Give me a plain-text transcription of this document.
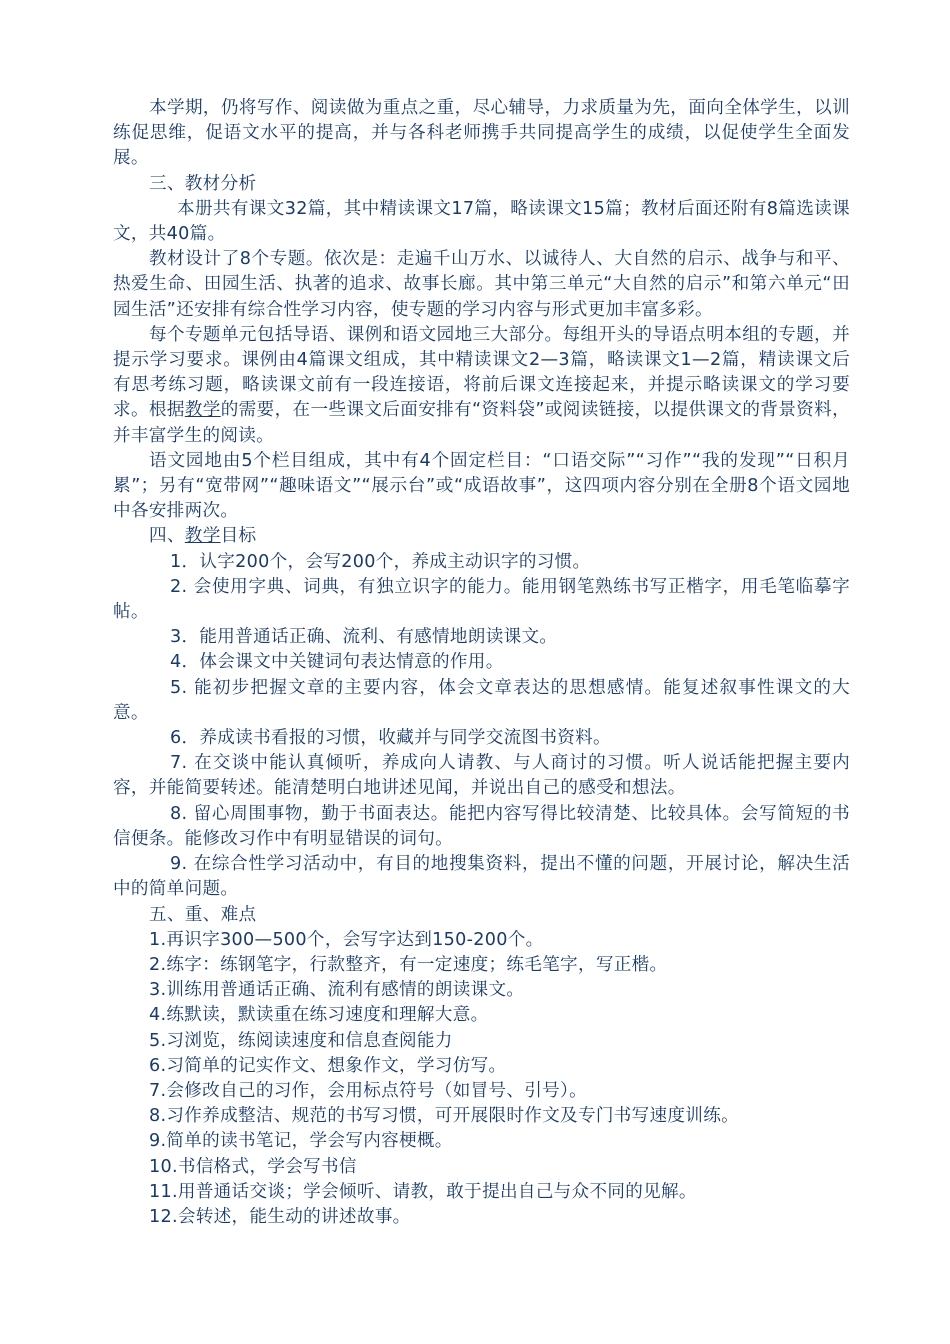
本学期，仍将写作、阅读做为重点之重，尽心辅导，力求质量为先，面向全体学生，以训练促思维，促语文水平的提高，并与各科老师携手共同提高学生的成绩，以促使学生全面发展。

三、教材分析

本册共有课文32篇，其中精读课文17篇，略读课文15篇；教材后面还附有8篇选读课文，共40篇。

教材设计了8个专题。依次是：走遍千山万水、以诚待人、大自然的启示、战争与和平、热爱生命、田园生活、执著的追求、故事长廊。其中第三单元“大自然的启示”和第六单元“田园生活”还安排有综合性学习内容，使专题的学习内容与形式更加丰富多彩。

每个专题单元包括导语、课例和语文园地三大部分。每组开头的导语点明本组的专题，并提示学习要求。课例由4篇课文组成，其中精读课文2—3篇，略读课文1—2篇，精读课文后有思考练习题，略读课文前有一段连接语，将前后课文连接起来，并提示略读课文的学习要求。根据教学的需要，在一些课文后面安排有“资料袋”或阅读链接，以提供课文的背景资料，并丰富学生的阅读。

语文园地由5个栏目组成，其中有4个固定栏目：“口语交际”“习作”“我的发现”“日积月累”；另有“宽带网”“趣味语文”“展示台”或“成语故事”，这四项内容分别在全册8个语文园地中各安排两次。

四、教学目标

1．认字200个，会写200个，养成主动识字的习惯。

2. 会使用字典、词典，有独立识字的能力。能用钢笔熟练书写正楷字，用毛笔临摹字帖。

3．能用普通话正确、流利、有感情地朗读课文。

4．体会课文中关键词句表达情意的作用。

5. 能初步把握文章的主要内容，体会文章表达的思想感情。能复述叙事性课文的大意。

6．养成读书看报的习惯，收藏并与同学交流图书资料。

7. 在交谈中能认真倾听，养成向人请教、与人商讨的习惯。听人说话能把握主要内容，并能简要转述。能清楚明白地讲述见闻，并说出自己的感受和想法。

8. 留心周围事物，勤于书面表达。能把内容写得比较清楚、比较具体。会写简短的书信便条。能修改习作中有明显错误的词句。

9. 在综合性学习活动中，有目的地搜集资料，提出不懂的问题，开展讨论，解决生活中的简单问题。

五、重、难点

1.再识字300—500个，会写字达到150-200个。

2.练字：练钢笔字，行款整齐，有一定速度；练毛笔字，写正楷。

3.训练用普通话正确、流利有感情的朗读课文。

4.练默读，默读重在练习速度和理解大意。

5.习浏览，练阅读速度和信息查阅能力

6.习简单的记实作文、想象作文，学习仿写。

7.会修改自己的习作，会用标点符号（如冒号、引号）。

8.习作养成整洁、规范的书写习惯，可开展限时作文及专门书写速度训练。

9.简单的读书笔记，学会写内容梗概。

10.书信格式，学会写书信

11.用普通话交谈；学会倾听、请教，敢于提出自己与众不同的见解。

12.会转述，能生动的讲述故事。
